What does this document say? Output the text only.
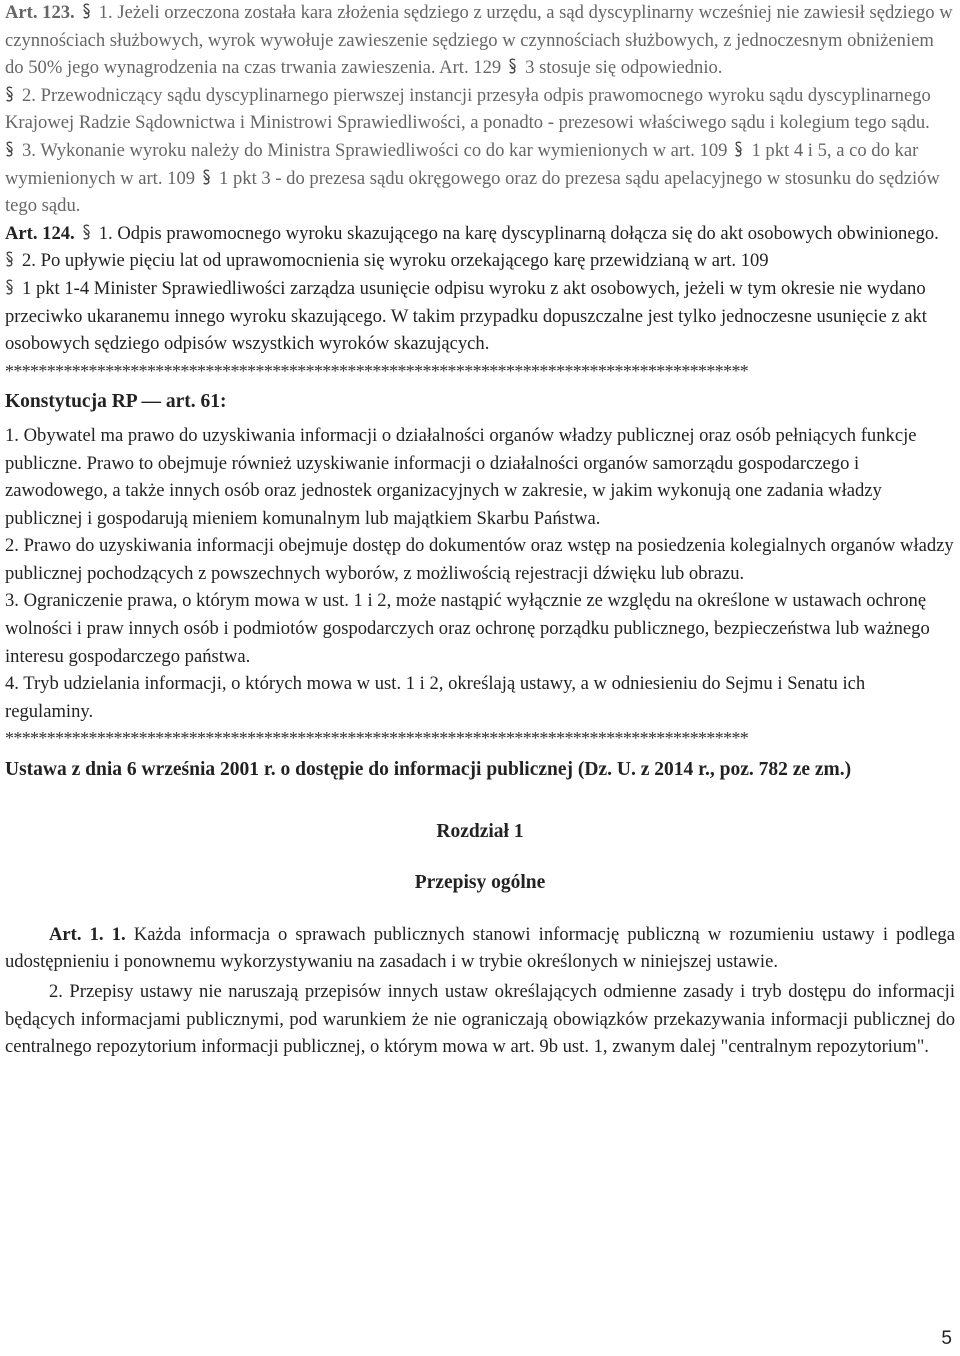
Art. 123. 1. Jeżeli orzeczona została kara złożenia sędziego z urzędu, a sąd dyscyplinarny wcześniej nie zawiesił sędziego w czynnościach służbowych, wyrok wywołuje zawieszenie sędziego w czynnościach służbowych, z jednoczesnym obniżeniem do 50% jego wynagrodzenia na czas trwania zawieszenia. Art. 129 3 stosuje się odpowiednio.

2. Przewodniczący sądu dyscyplinarnego pierwszej instancji przesyła odpis prawomocnego wyroku sądu dyscyplinarnego Krajowej Radzie Sądownictwa i Ministrowi Sprawiedliwości, a ponadto - prezesowi właściwego sądu i kolegium tego sądu.

3. Wykonanie wyroku należy do Ministra Sprawiedliwości co do kar wymienionych w art. 109 1 pkt 4 i 5, a co do kar wymienionych w art. 109 1 pkt 3 - do prezesa sądu okręgowego oraz do prezesa sądu apelacyjnego w stosunku do sędziów tego sądu.

Art. 124. 1. Odpis prawomocnego wyroku skazującego na karę dyscyplinarną dołącza się do akt osobowych obwinionego.

2. Po upływie pięciu lat od uprawomocnienia się wyroku orzekającego karę przewidzianą w art. 109

1 pkt 1-4 Minister Sprawiedliwości zarządza usunięcie odpisu wyroku z akt osobowych, jeżeli w tym okresie nie wydano przeciwko ukaranemu innego wyroku skazującego. W takim przypadku dopuszczalne jest tylko jednoczesne usunięcie z akt osobowych sędziego odpisów wszystkich wyroków skazujących.

*****************************************************************************************

Konstytucja RP — art. 61:

1. Obywatel ma prawo do uzyskiwania informacji o działalności organów władzy publicznej oraz osób pełniących funkcje publiczne. Prawo to obejmuje również uzyskiwanie informacji o działalności organów samorządu gospodarczego i zawodowego, a także innych osób oraz jednostek organizacyjnych w zakresie, w jakim wykonują one zadania władzy publicznej i gospodarują mieniem komunalnym lub majątkiem Skarbu Państwa.

2. Prawo do uzyskiwania informacji obejmuje dostęp do dokumentów oraz wstęp na posiedzenia kolegialnych organów władzy publicznej pochodzących z powszechnych wyborów, z możliwością rejestracji dźwięku lub obrazu.

3. Ograniczenie prawa, o którym mowa w ust. 1 i 2, może nastąpić wyłącznie ze względu na określone w ustawach ochronę wolności i praw innych osób i podmiotów gospodarczych oraz ochronę porządku publicznego, bezpieczeństwa lub ważnego interesu gospodarczego państwa.

4. Tryb udzielania informacji, o których mowa w ust. 1 i 2, określają ustawy, a w odniesieniu do Sejmu i Senatu ich regulaminy.

*****************************************************************************************

Ustawa z dnia 6 września 2001 r. o dostępie do informacji publicznej (Dz. U. z 2014 r., poz. 782 ze zm.)

Rozdział 1

Przepisy ogólne

Art. 1. 1. Każda informacja o sprawach publicznych stanowi informację publiczną w rozumieniu ustawy i podlega udostępnieniu i ponownemu wykorzystywaniu na zasadach i w trybie określonych w niniejszej ustawie.

2. Przepisy ustawy nie naruszają przepisów innych ustaw określających odmienne zasady i tryb dostępu do informacji będących informacjami publicznymi, pod warunkiem że nie ograniczają obowiązków przekazywania informacji publicznej do centralnego repozytorium informacji publicznej, o którym mowa w art. 9b ust. 1, zwanym dalej "centralnym repozytorium".

5
